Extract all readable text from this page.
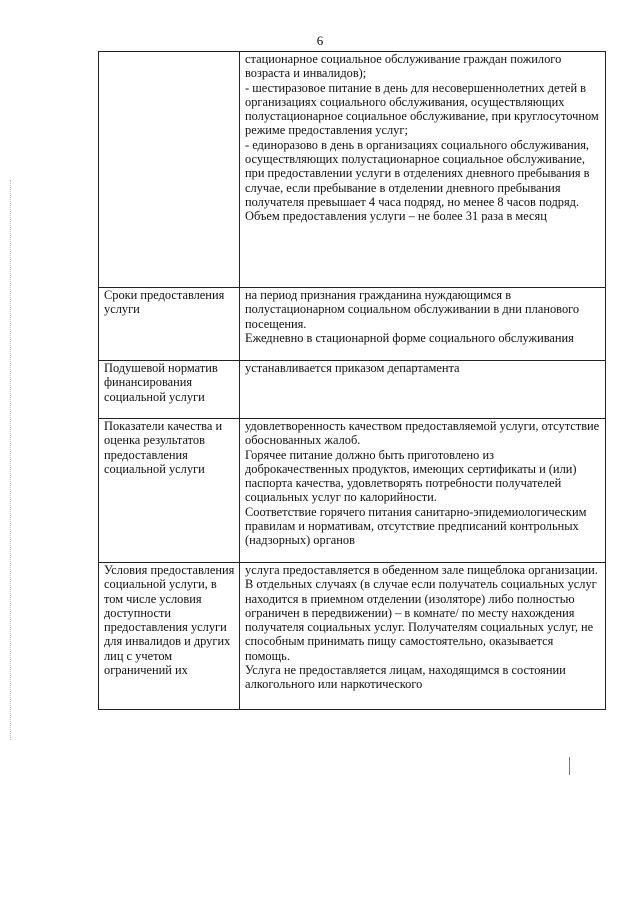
6

	стационарное социальное обслуживание граждан пожилого возраста и инвалидов);

- шестиразовое питание в день для несовершеннолетних детей в организациях социального обслуживания, осуществляющих полустационарное социальное обслуживание, при круглосуточном режиме предоставления услуг;

- единоразово в день в организациях социального обслуживания, осуществляющих полустационарное социальное обслуживание, при предоставлении услуги в отделениях дневного пребывания в случае, если пребывание в отделении дневного пребывания получателя превышает 4 часа подряд, но менее 8 часов подряд.

Объем предоставления услуги – не более 31 раза в месяц

Сроки предоставления услуги	на период признания гражданина нуждающимся в полустационарном социальном обслуживании в дни планового посещения.

Ежедневно в стационарной форме социального обслуживания

Подушевой норматив финансирования социальной услуги	устанавливается приказом департамента

Показатели качества и оценка результатов предоставления социальной услуги	удовлетворенность качеством предоставляемой услуги, отсутствие обоснованных жалоб.

Горячее питание должно быть приготовлено из доброкачественных продуктов, имеющих сертификаты и (или) паспорта качества, удовлетворять потребности получателей социальных услуг по калорийности.

Соответствие горячего питания санитарно-эпидемиологическим правилам и нормативам, отсутствие предписаний контрольных (надзорных) органов

Условия предоставления социальной услуги, в том числе условия доступности предоставления услуги для инвалидов и других лиц с учетом ограничений их	услуга предоставляется в обеденном зале пищеблока организации. В отдельных случаях (в случае если получатель социальных услуг находится в приемном отделении (изоляторе) либо полностью ограничен в передвижении) – в комнате/ по месту нахождения получателя социальных услуг. Получателям социальных услуг, не способным принимать пищу самостоятельно, оказывается помощь.

Услуга не предоставляется лицам, находящимся в состоянии алкогольного или наркотического
